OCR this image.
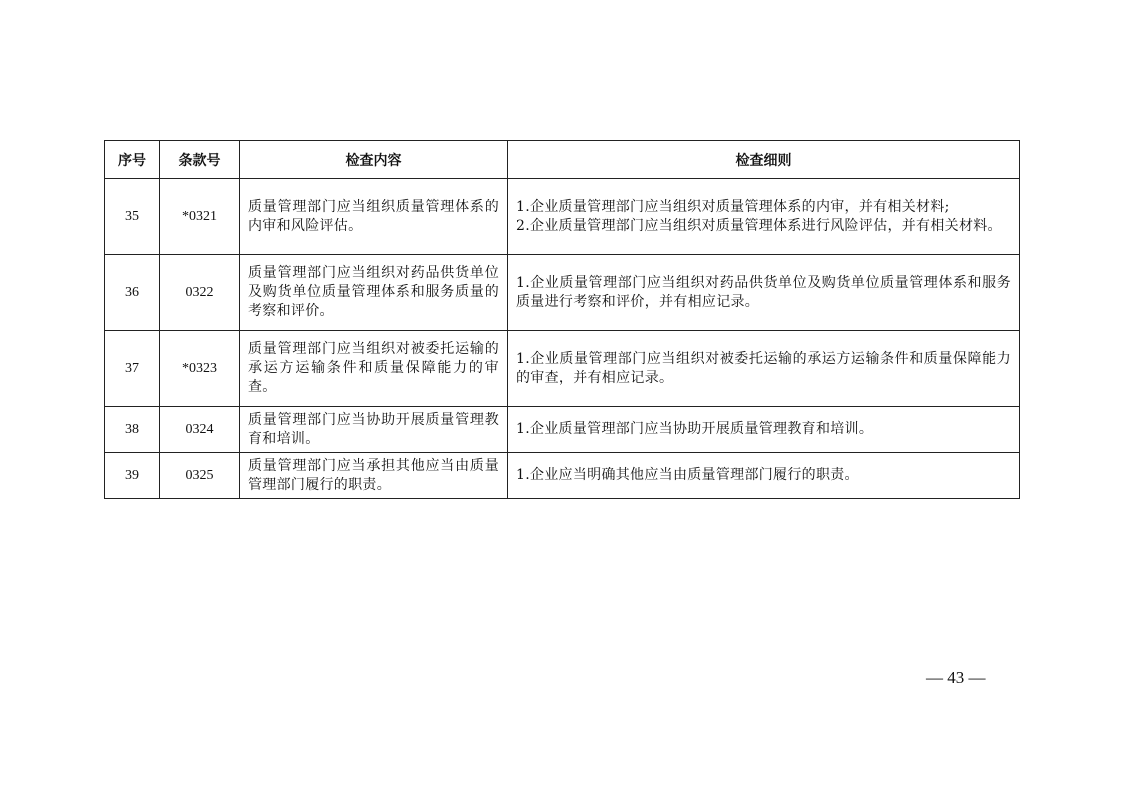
序号	条款号	检查内容	检查细则
35	*0321	质量管理部门应当组织质量管理体系的内审和风险评估。	1.企业质量管理部门应当组织对质量管理体系的内审，并有相关材料;
2.企业质量管理部门应当组织对质量管理体系进行风险评估，并有相关材料。

36	0322	质量管理部门应当组织对药品供货单位及购货单位质量管理体系和服务质量的考察和评价。	1.企业质量管理部门应当组织对药品供货单位及购货单位质量管理体系和服务质量进行考察和评价，并有相应记录。

37	*0323	质量管理部门应当组织对被委托运输的承运方运输条件和质量保障能力的审查。	1.企业质量管理部门应当组织对被委托运输的承运方运输条件和质量保障能力的审查，并有相应记录。

38	0324	质量管理部门应当协助开展质量管理教育和培训。	1.企业质量管理部门应当协助开展质量管理教育和培训。

39	0325	质量管理部门应当承担其他应当由质量管理部门履行的职责。	1.企业应当明确其他应当由质量管理部门履行的职责。
— 43 —
